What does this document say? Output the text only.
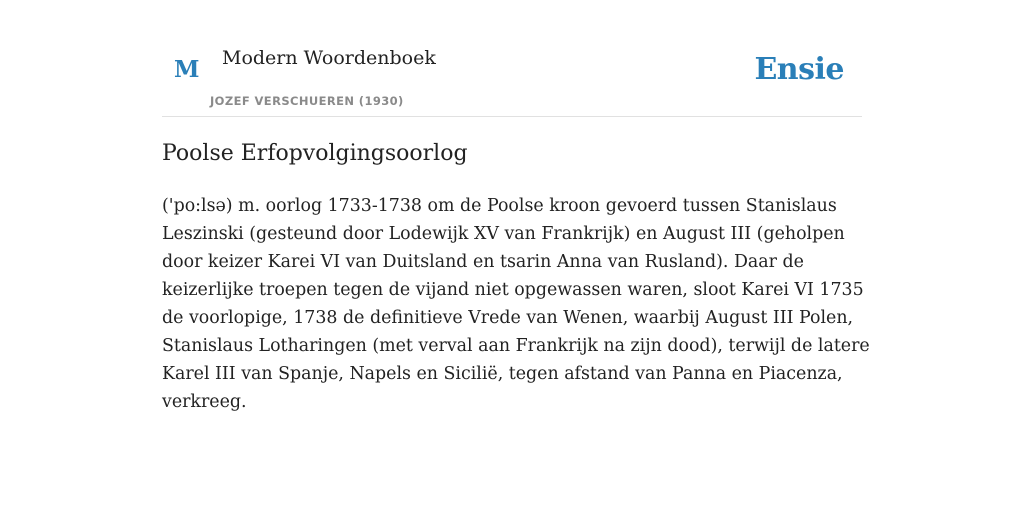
M Modern Woordenboek
JOZEF VERSCHUEREN (1930)
Ensie
Poolse Erfopvolgingsoorlog

('po:lsə) m. oorlog 1733-1738 om de Poolse kroon gevoerd tussen Stanislaus Leszinski (gesteund door Lodewijk XV van Frankrijk) en August III (geholpen door keizer Karei VI van Duitsland en tsarin Anna van Rusland). Daar de keizerlijke troepen tegen de vijand niet opgewassen waren, sloot Karei VI 1735 de voorlopige, 1738 de definitieve Vrede van Wenen, waarbij August III Polen, Stanislaus Lotharingen (met verval aan Frankrijk na zijn dood), terwijl de latere Karel III van Spanje, Napels en Sicilië, tegen afstand van Panna en Piacenza, verkreeg.
